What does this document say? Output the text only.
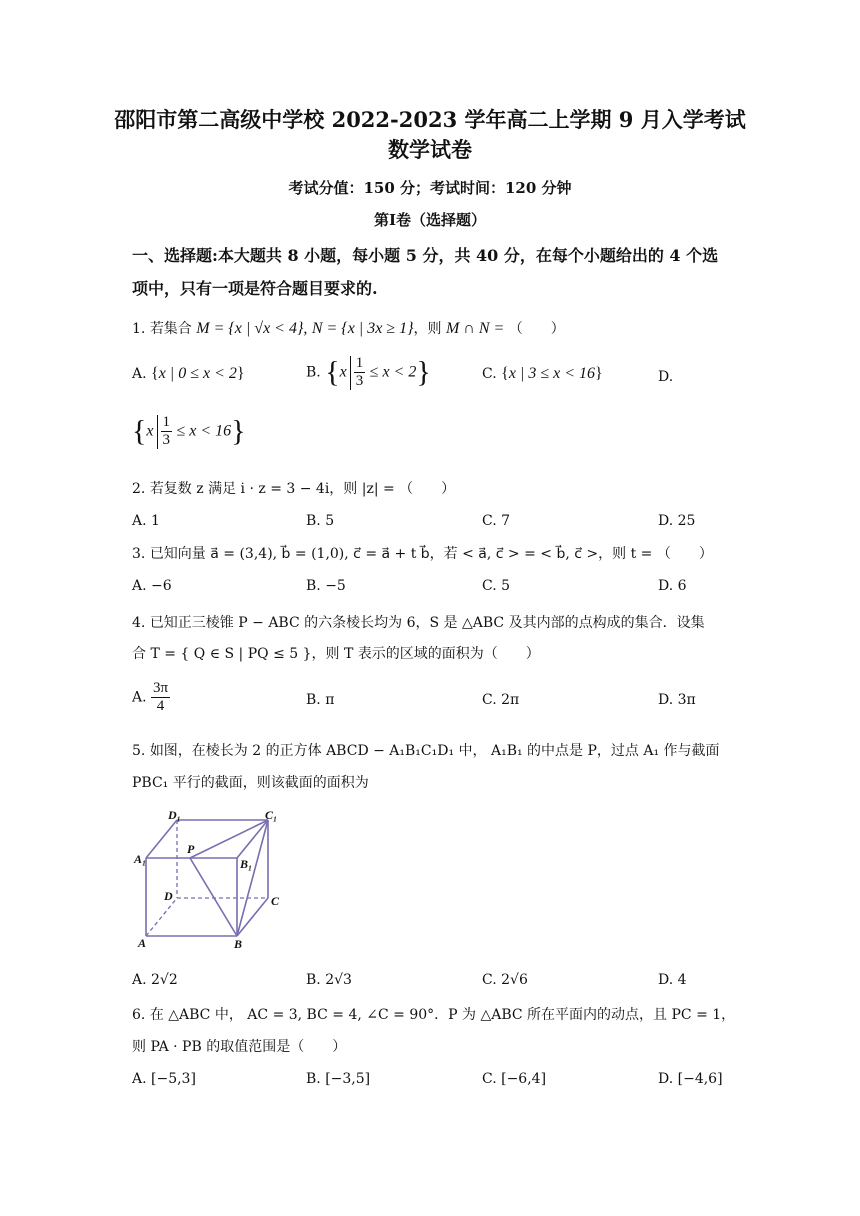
邵阳市第二高级中学校 2022-2023 学年高二上学期 9 月入学考试
数学试卷
考试分值：150 分；考试时间：120 分钟
第Ⅰ卷（选择题）
一、选择题:本大题共 8 小题，每小题 5 分，共 40 分，在每个小题给出的 4 个选
项中，只有一项是符合题目要求的.
1. 若集合 M = {x | √x < 4}, N = {x | 3x ≥ 1}，则 M ∩ N = （　　）
A. {x | 0 ≤ x < 2}	B. $\{x \frac{1}{3} \le x < 2\}$	C. {x | 3 ≤ x < 16}	D.
$\{x \frac{1}{3} \le x < 16\}$
2. 若复数 z 满足 i · z = 3 − 4i，则 |z| = （　　）
A. 1	B. 5	C. 7	D. 25
3. 已知向量 a⃗ = (3,4), b⃗ = (1,0), c⃗ = a⃗ + t b⃗，若 < a⃗, c⃗ > = < b⃗, c⃗ >，则 t = （　　）
A. −6	B. −5	C. 5	D. 6
4. 已知正三棱锥 P − ABC 的六条棱长均为 6，S 是 △ABC 及其内部的点构成的集合．设集
合 T = { Q ∈ S | PQ ≤ 5 }，则 T 表示的区域的面积为（　　）
A. $\frac{3\pi}{4}$	B. π	C. 2π	D. 3π
5. 如图，在棱长为 2 的正方体 ABCD − A₁B₁C₁D₁ 中， A₁B₁ 的中点是 P，过点 A₁ 作与截面
PBC₁ 平行的截面，则该截面的面积为
D₁	C₁
A₁
P
B₁
D	C
A	B
A. 2√2	B. 2√3	C. 2√6	D. 4
6. 在 △ABC 中， AC = 3, BC = 4, ∠C = 90°．P 为 △ABC 所在平面内的动点，且 PC = 1，
则 PA · PB 的取值范围是（　　）
A. [−5,3]	B. [−3,5]	C. [−6,4]	D. [−4,6]
